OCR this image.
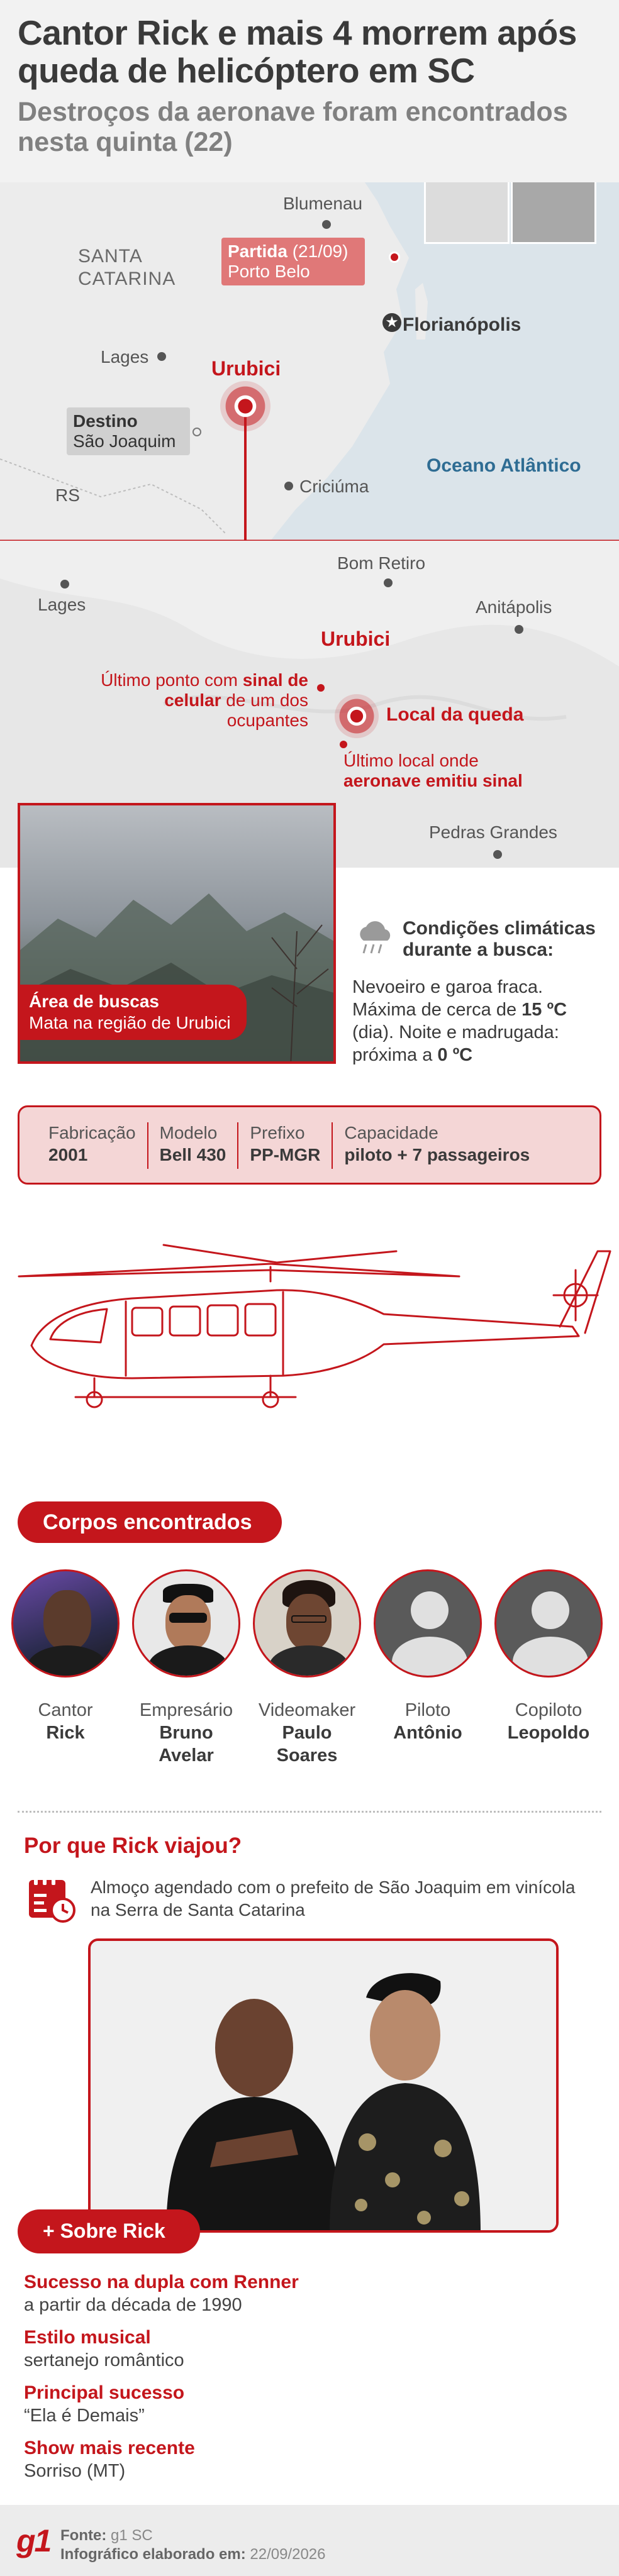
Cantor Rick e mais 4 morrem após queda de helicóptero em SC
Destroços da aeronave foram encontrados nesta quinta (22)
SANTA
CATARINA
Blumenau
Partida (21/09)
Porto Belo
Florianópolis
★
Lages
Urubici
Destino
São Joaquim
Criciúma
RS
Oceano Atlântico
Bom Retiro
Lages	Anitápolis
Urubici
Último ponto com sinal de
celular de um dos ocupantes	Local da queda
Último local onde
aeronave emitiu sinal
Pedras Grandes
Área de buscas
Mata na região de Urubici
Condições climáticas durante a busca:
Nevoeiro e garoa fraca. Máxima de cerca de 15 ºC (dia). Noite e madrugada: próxima a 0 ºC
Fabricação
2001
Modelo
Bell 430
Prefixo
PP-MGR
Capacidade
piloto + 7 passageiros
Corpos encontrados
Cantor
Rick
Empresário
Bruno
Avelar
Videomaker
Paulo
Soares
Piloto
Antônio
Copiloto
Leopoldo
Por que Rick viajou?
Almoço agendado com o prefeito de São Joaquim em vinícola na Serra de Santa Catarina
+ Sobre Rick
Sucesso na dupla com Renner
a partir da década de 1990
Estilo musical
sertanejo romântico
Principal sucesso
“Ela é Demais”
Show mais recente
Sorriso (MT)
g1 Fonte: g1 SC
Infográfico elaborado em: 22/09/2026
